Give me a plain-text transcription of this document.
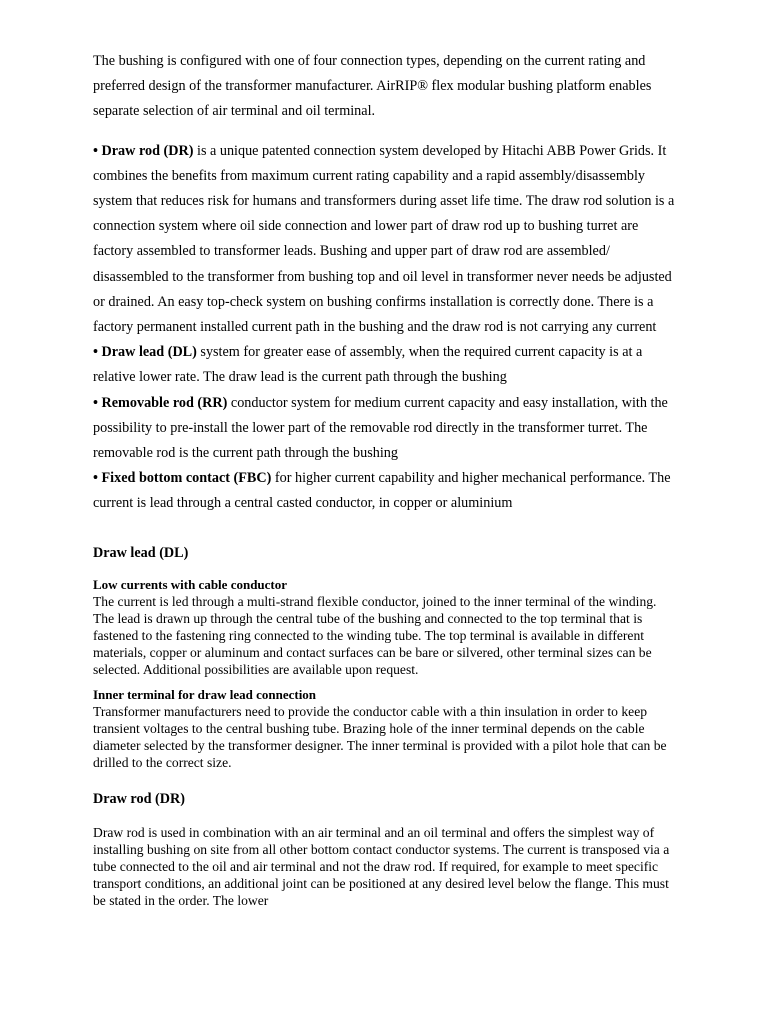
The bushing is configured with one of four connection types, depending on the current rating and preferred design of the transformer manufacturer. AirRIP® flex modular bushing platform enables separate selection of air terminal and oil terminal.

• Draw rod (DR) is a unique patented connection system developed by Hitachi ABB Power Grids. It combines the benefits from maximum current rating capability and a rapid assembly/disassembly system that reduces risk for humans and transformers during asset life time. The draw rod solution is a connection system where oil side connection and lower part of draw rod up to bushing turret are factory assembled to transformer leads. Bushing and upper part of draw rod are assembled/ disassembled to the transformer from bushing top and oil level in transformer never needs be adjusted or drained. An easy top-check system on bushing confirms installation is correctly done. There is a factory permanent installed current path in the bushing and the draw rod is not carrying any current

• Draw lead (DL) system for greater ease of assembly, when the required current capacity is at a relative lower rate. The draw lead is the current path through the bushing

• Removable rod (RR) conductor system for medium current capacity and easy installation, with the possibility to pre-install the lower part of the removable rod directly in the transformer turret. The removable rod is the current path through the bushing

• Fixed bottom contact (FBC) for higher current capability and higher mechanical performance. The current is lead through a central casted conductor, in copper or aluminium

Draw lead (DL)

Low currents with cable conductor

The current is led through a multi-strand flexible conductor, joined to the inner terminal of the winding. The lead is drawn up through the central tube of the bushing and connected to the top terminal that is fastened to the fastening ring connected to the winding tube. The top terminal is available in different materials, copper or aluminum and contact surfaces can be bare or silvered, other terminal sizes can be selected. Additional possibilities are available upon request.

Inner terminal for draw lead connection

Transformer manufacturers need to provide the conductor cable with a thin insulation in order to keep transient voltages to the central bushing tube. Brazing hole of the inner terminal depends on the cable diameter selected by the transformer designer. The inner terminal is provided with a pilot hole that can be drilled to the correct size.

Draw rod (DR)

Draw rod is used in combination with an air terminal and an oil terminal and offers the simplest way of installing bushing on site from all other bottom contact conductor systems. The current is transposed via a tube connected to the oil and air terminal and not the draw rod. If required, for example to meet specific transport conditions, an additional joint can be positioned at any desired level below the flange. This must be stated in the order. The lower
